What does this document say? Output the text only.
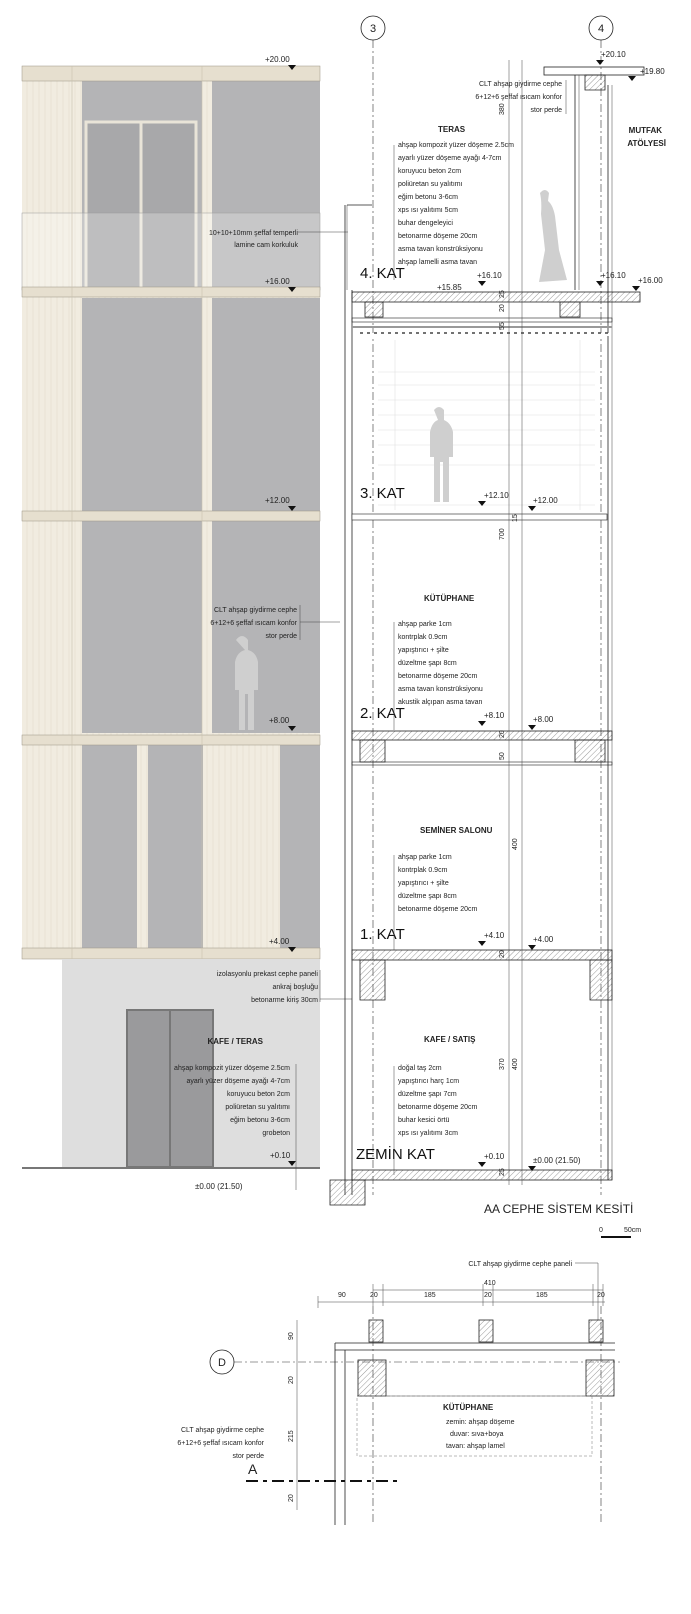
+20.00
+16.00
+12.00
+8.00
+4.00
+0.10
±0.00 (21.50)
10+10+10mm şeffaf temperli
lamine cam korkuluk
CLT ahşap giydirme cephe
6+12+6 şeffaf ısıcam konfor
stor perde
izolasyonlu prekast cephe paneli
ankraj boşluğu
betonarme kiriş 30cm
KAFE / TERAS
ahşap kompozit yüzer döşeme 2.5cm
ayarlı yüzer döşeme ayağı 4-7cm
koruyucu beton 2cm
poliüretan su yalıtımı
eğim betonu 3-6cm
grobeton
3	4
380
25
20
55
700
15
20
50
400
20
370 400
25
+20.10
+19.80
+16.10	+16.10
+16.00
+15.85
+12.10
+12.00
+8.10	+8.00
+4.10	+4.00
+0.10	±0.00 (21.50)
4. KAT
3. KAT
2. KAT
1. KAT
ZEMİN KAT
CLT ahşap giydirme cephe
6+12+6 şeffaf ısıcam konfor
stor perde
MUTFAK
ATÖLYESİ
TERAS
ahşap kompozit yüzer döşeme 2.5cm
ayarlı yüzer döşeme ayağı 4-7cm
koruyucu beton 2cm
poliüretan su yalıtımı
eğim betonu 3-6cm
xps ısı yalıtımı 5cm
buhar dengeleyici
betonarme döşeme 20cm
asma tavan konstrüksiyonu
ahşap lamelli asma tavan
KÜTÜPHANE
ahşap parke 1cm
kontrplak 0.9cm
yapıştırıcı + şilte
düzeltme şapı 8cm
betonarme döşeme 20cm
asma tavan konstrüksiyonu
akustik alçıpan asma tavan
SEMİNER SALONU
ahşap parke 1cm
kontrplak 0.9cm
yapıştırıcı + şilte
düzeltme şapı 8cm
betonarme döşeme 20cm
KAFE / SATIŞ
doğal taş 2cm
yapıştırıcı harç 1cm
düzeltme şapı 7cm
betonarme döşeme 20cm
buhar kesici örtü
xps ısı yalıtımı 3cm
AA CEPHE SİSTEM KESİTİ
0	50cm
CLT ahşap giydirme cephe paneli
410
90	20	185	20	185	20
90
20
215
20
D
A
CLT ahşap giydirme cephe
6+12+6 şeffaf ısıcam konfor
stor perde
KÜTÜPHANE
zemin: ahşap döşeme
duvar: sıva+boya
tavan: ahşap lamel
